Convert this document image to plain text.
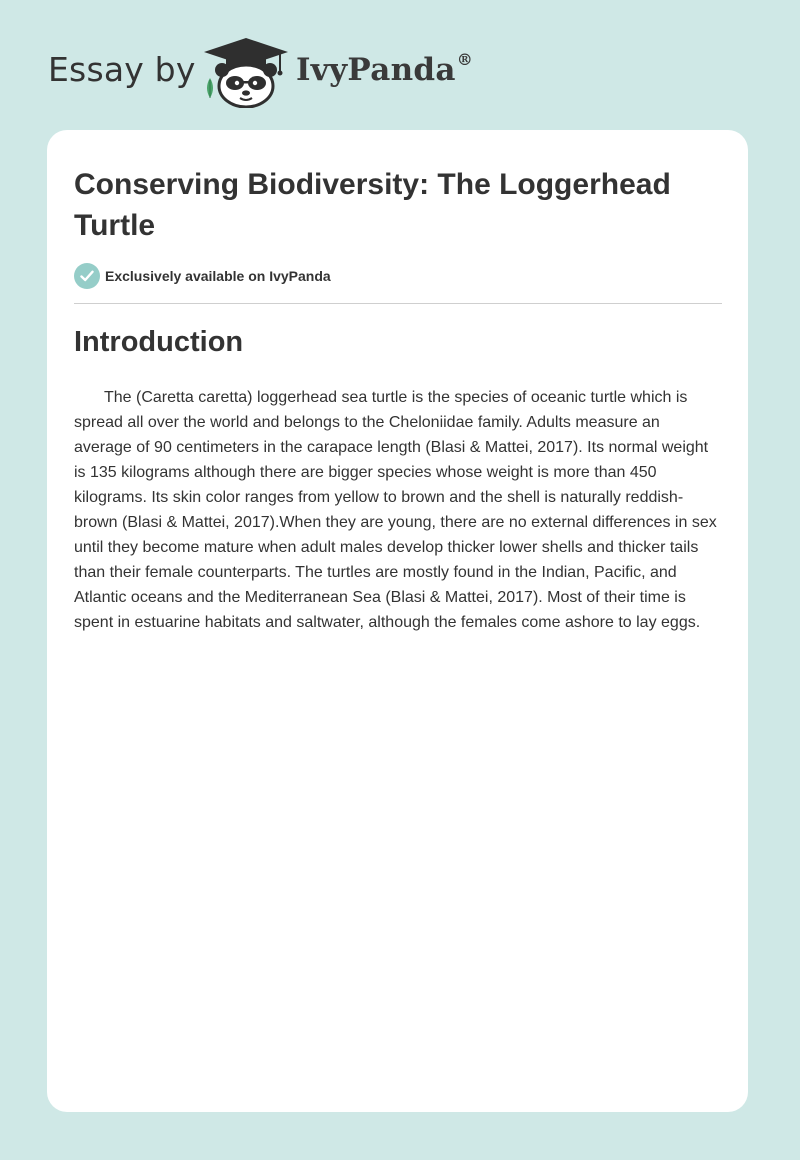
Essay by	IvyPanda®
Conserving Biodiversity: The Loggerhead Turtle
Exclusively available on IvyPanda
Introduction

The (Caretta caretta) loggerhead sea turtle is the species of oceanic turtle which is spread all over the world and belongs to the Cheloniidae family. Adults measure an average of 90 centimeters in the carapace length (Blasi & Mattei, 2017). Its normal weight is 135 kilograms although there are bigger species whose weight is more than 450 kilograms. Its skin color ranges from yellow to brown and the shell is naturally reddish-brown (Blasi & Mattei, 2017).When they are young, there are no external differences in sex until they become mature when adult males develop thicker lower shells and thicker tails than their female counterparts. The turtles are mostly found in the Indian, Pacific, and Atlantic oceans and the Mediterranean Sea (Blasi & Mattei, 2017). Most of their time is spent in estuarine habitats and saltwater, although the females come ashore to lay eggs.
